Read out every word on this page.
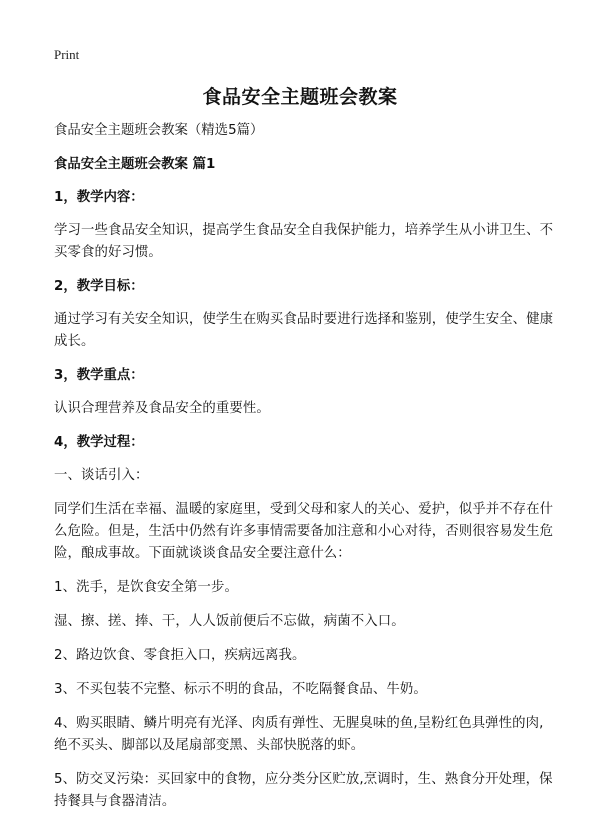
Print
食品安全主题班会教案

食品安全主题班会教案（精选5篇）

食品安全主题班会教案 篇1

1，教学内容：

学习一些食品安全知识，提高学生食品安全自我保护能力，培养学生从小讲卫生、不买零食的好习惯。

2，教学目标：

通过学习有关安全知识，使学生在购买食品时要进行选择和鉴别，使学生安全、健康成长。

3，教学重点：

认识合理营养及食品安全的重要性。

4，教学过程：

一、谈话引入：

同学们生活在幸福、温暖的家庭里，受到父母和家人的关心、爱护，似乎并不存在什么危险。但是，生活中仍然有许多事情需要备加注意和小心对待，否则很容易发生危险，酿成事故。下面就谈谈食品安全要注意什么：

1、洗手，是饮食安全第一步。

湿、擦、搓、捧、干，人人饭前便后不忘做，病菌不入口。

2、路边饮食、零食拒入口，疾病远离我。

3、不买包装不完整、标示不明的食品，不吃隔餐食品、牛奶。

4、购买眼睛、鳞片明亮有光泽、肉质有弹性、无腥臭味的鱼,呈粉红色具弹性的肉,绝不买头、脚部以及尾扇部变黑、头部快脱落的虾。

5、防交叉污染：买回家中的食物，应分类分区贮放,烹调时，生、熟食分开处理，保持餐具与食器清洁。
